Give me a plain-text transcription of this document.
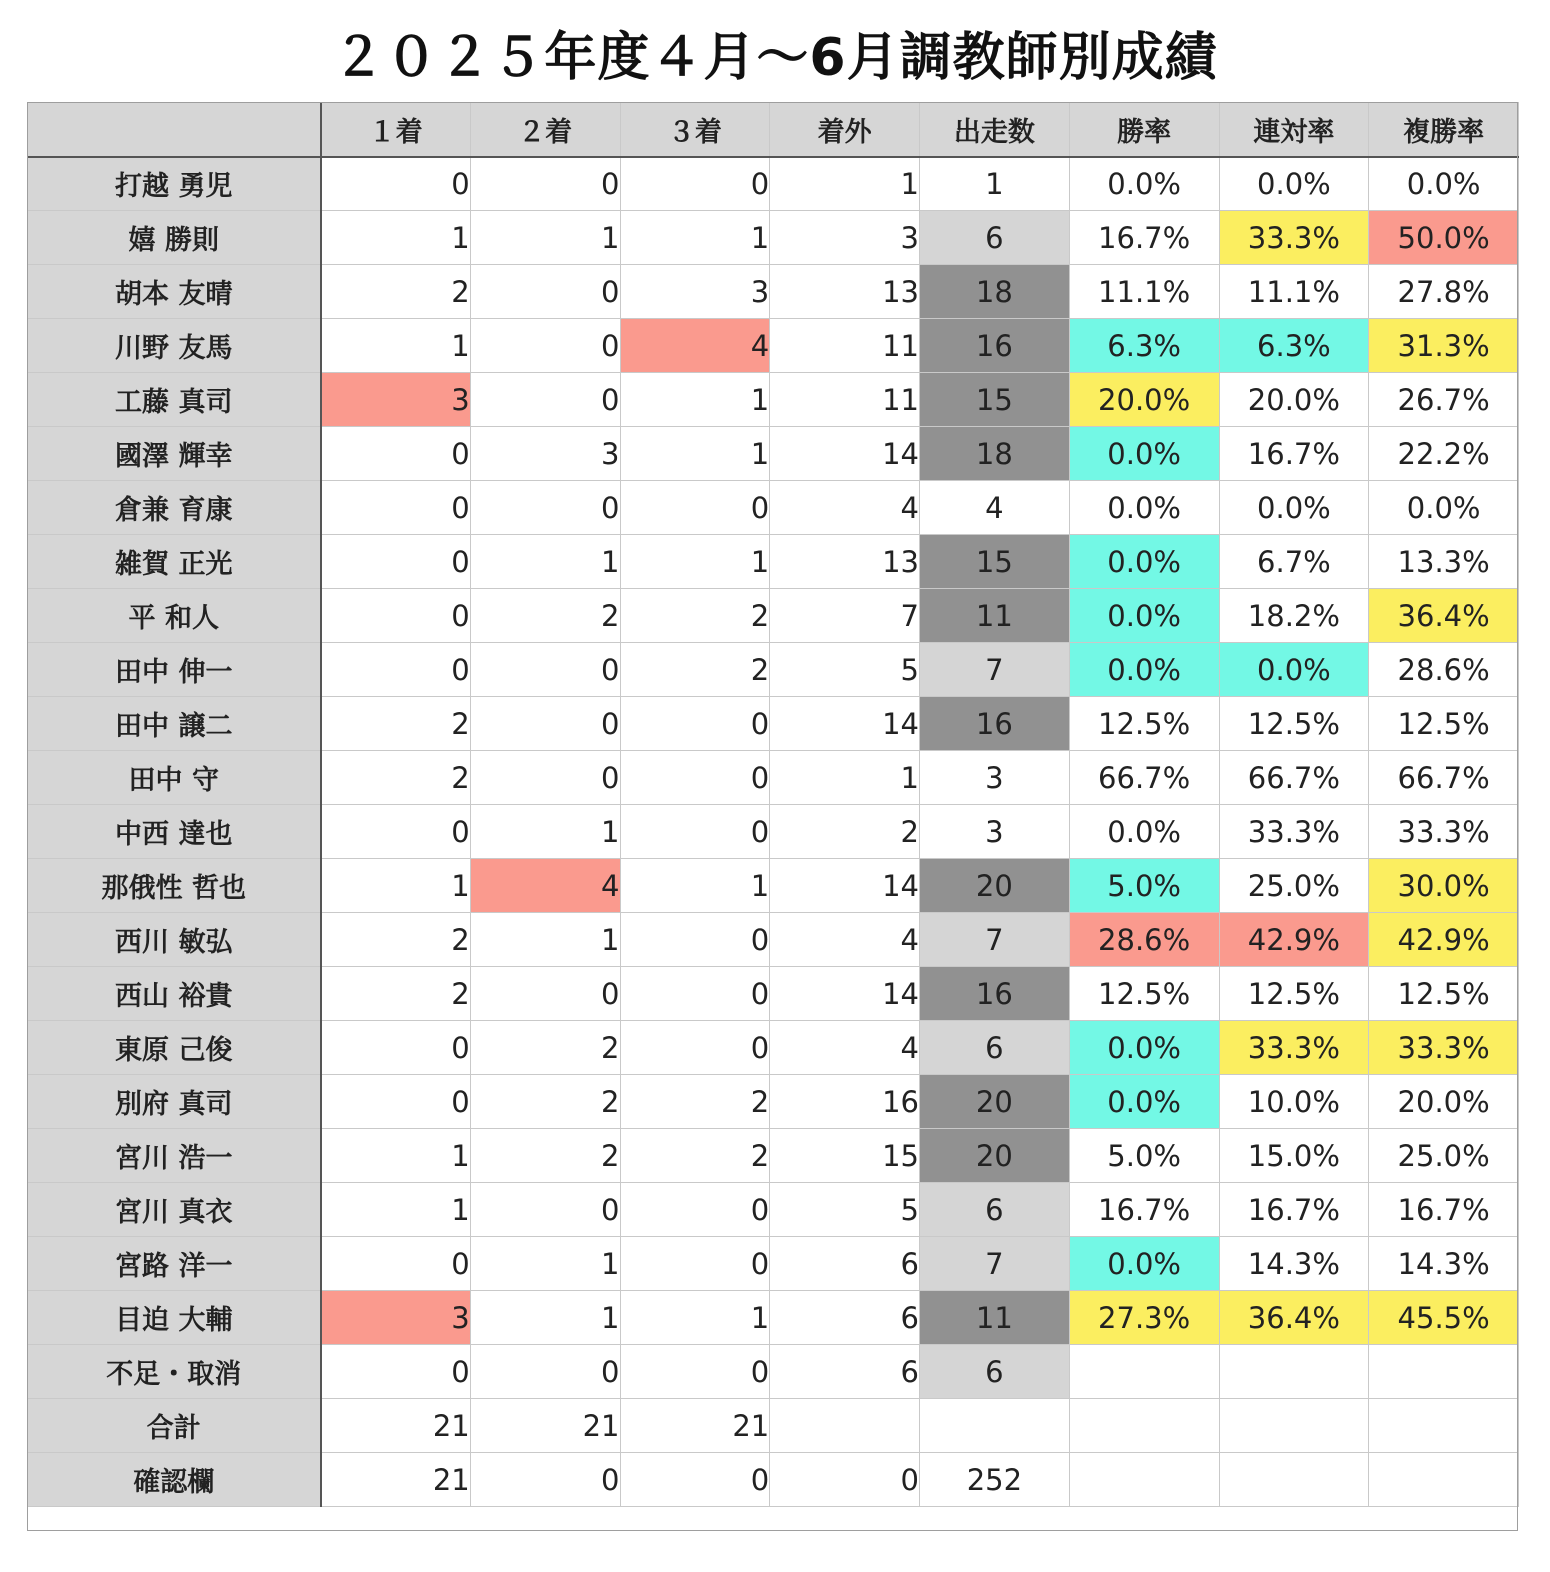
２０２５年度４月〜6月調教師別成績
	１着	２着	３着	着外	出走数	勝率	連対率	複勝率
打越 勇児	0	0	0	1	1	0.0%	0.0%	0.0%
嬉 勝則	1	1	1	3	6	16.7%	33.3%	50.0%
胡本 友晴	2	0	3	13	18	11.1%	11.1%	27.8%
川野 友馬	1	0	4	11	16	6.3%	6.3%	31.3%
工藤 真司	3	0	1	11	15	20.0%	20.0%	26.7%
國澤 輝幸	0	3	1	14	18	0.0%	16.7%	22.2%
倉兼 育康	0	0	0	4	4	0.0%	0.0%	0.0%
雑賀 正光	0	1	1	13	15	0.0%	6.7%	13.3%
平 和人	0	2	2	7	11	0.0%	18.2%	36.4%
田中 伸一	0	0	2	5	7	0.0%	0.0%	28.6%
田中 譲二	2	0	0	14	16	12.5%	12.5%	12.5%
田中 守	2	0	0	1	3	66.7%	66.7%	66.7%
中西 達也	0	1	0	2	3	0.0%	33.3%	33.3%
那俄性 哲也	1	4	1	14	20	5.0%	25.0%	30.0%
西川 敏弘	2	1	0	4	7	28.6%	42.9%	42.9%
西山 裕貴	2	0	0	14	16	12.5%	12.5%	12.5%
東原 己俊	0	2	0	4	6	0.0%	33.3%	33.3%
別府 真司	0	2	2	16	20	0.0%	10.0%	20.0%
宮川 浩一	1	2	2	15	20	5.0%	15.0%	25.0%
宮川 真衣	1	0	0	5	6	16.7%	16.7%	16.7%
宮路 洋一	0	1	0	6	7	0.0%	14.3%	14.3%
目迫 大輔	3	1	1	6	11	27.3%	36.4%	45.5%
不足・取消	0	0	0	6	6			
合計	21	21	21					
確認欄	21	0	0	0	252			
